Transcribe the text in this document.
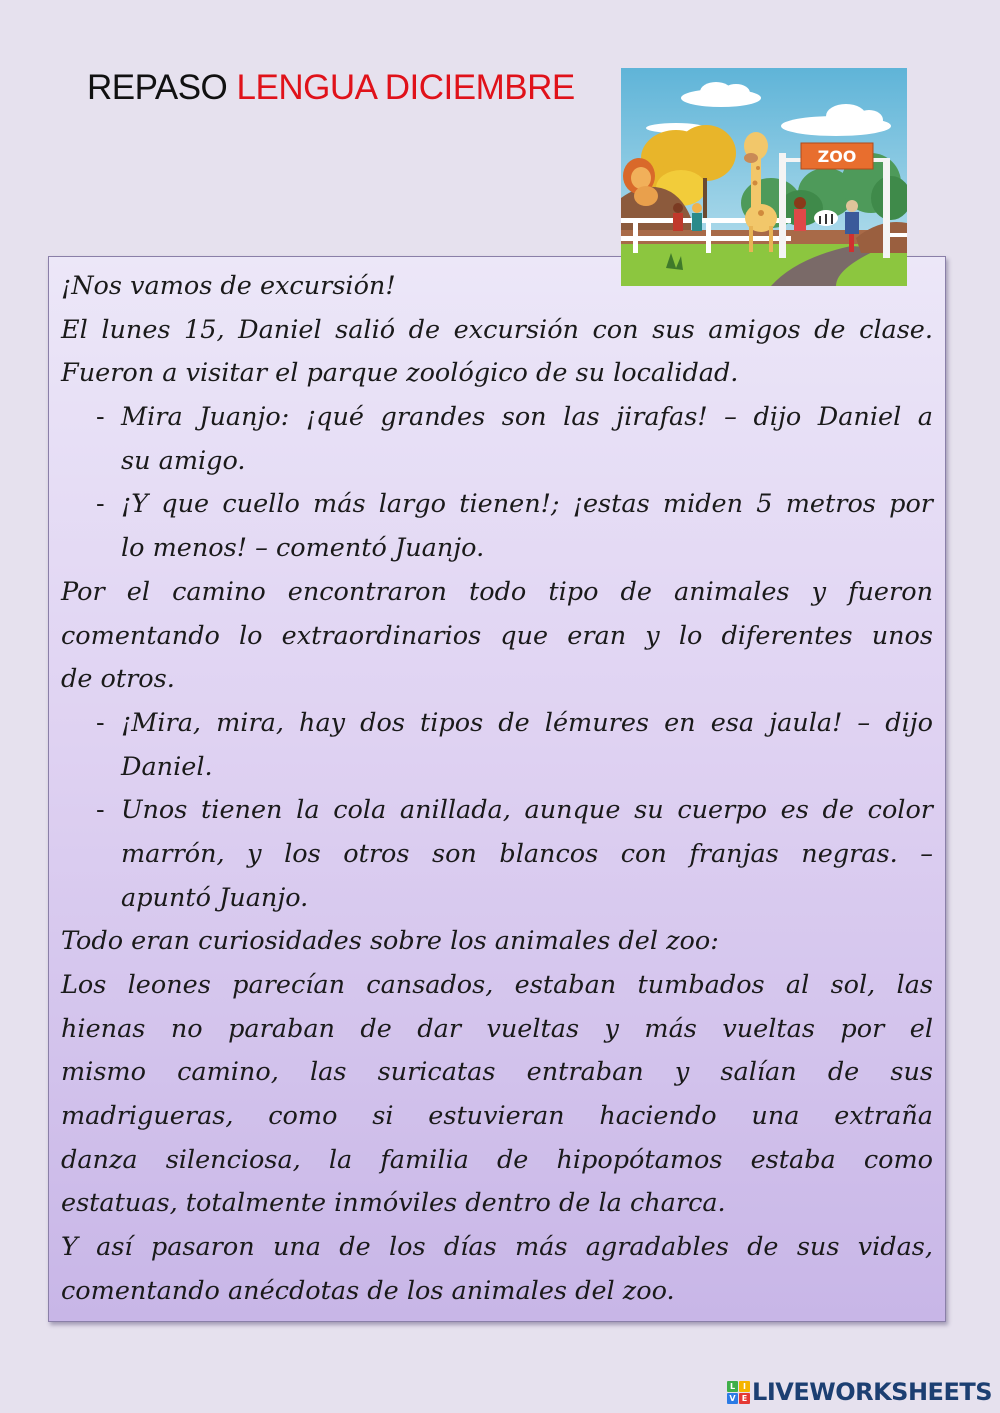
REPASO LENGUA DICIEMBRE
ZOO
¡Nos vamos de excursión!
El lunes 15, Daniel salió de excursión con sus amigos de clase.
Fueron a visitar el parque zoológico de su localidad.
- Mira Juanjo: ¡qué grandes son las jirafas! – dijo Daniel a
su amigo.
- ¡Y que cuello más largo tienen!; ¡estas miden 5 metros por
lo menos! – comentó Juanjo.
Por el camino encontraron todo tipo de animales y fueron
comentando lo extraordinarios que eran y lo diferentes unos
de otros.
- ¡Mira, mira, hay dos tipos de lémures en esa jaula! – dijo
Daniel.
- Unos tienen la cola anillada, aunque su cuerpo es de color
marrón, y los otros son blancos con franjas negras. –
apuntó Juanjo.
Todo eran curiosidades sobre los animales del zoo:
Los leones parecían cansados, estaban tumbados al sol, las
hienas no paraban de dar vueltas y más vueltas por el
mismo camino, las suricatas entraban y salían de sus
madrigueras, como si estuvieran haciendo una extraña
danza silenciosa, la familia de hipopótamos estaba como
estatuas, totalmente inmóviles dentro de la charca.
Y así pasaron una de los días más agradables de sus vidas,
comentando anécdotas de los animales del zoo.
L I
V E LIVEWORKSHEETS
